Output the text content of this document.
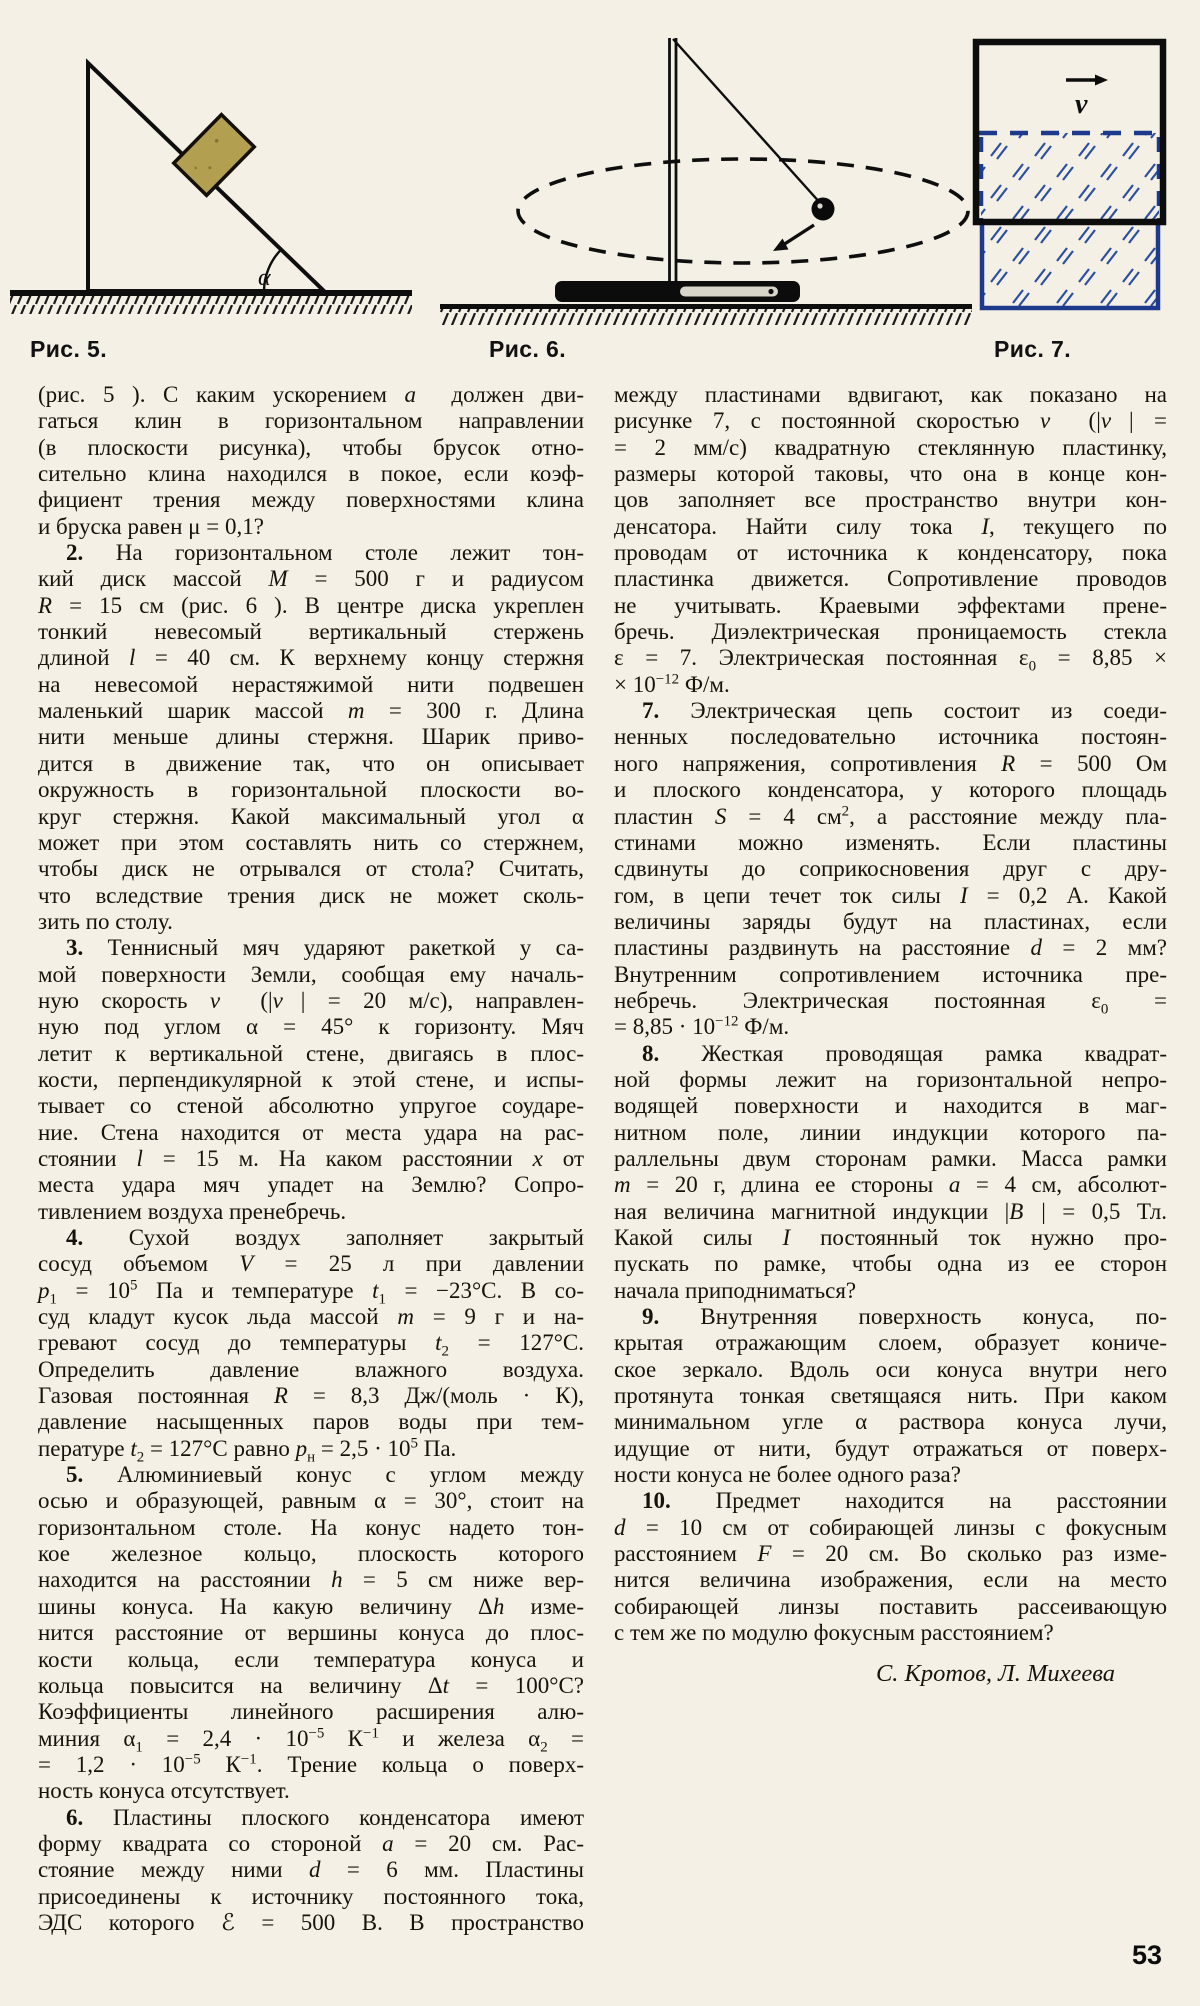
α
v
Рис. 5.	Рис. 6.	Рис. 7.
(рис. 5 ). С каким ускорением a⃗ должен дви-
гаться клин в горизонтальном направлении
(в плоскости рисунка), чтобы брусок отно-
сительно клина находился в покое, если коэф-
фициент трения между поверхностями клина
и бруска равен μ = 0,1?
2. На горизонтальном столе лежит тон-
кий диск массой M = 500 г и радиусом
R = 15 см (рис. 6 ). В центре диска укреплен
тонкий невесомый вертикальный стержень
длиной l = 40 см. К верхнему концу стержня
на невесомой нерастяжимой нити подвешен
маленький шарик массой m = 300 г. Длина
нити меньше длины стержня. Шарик приво-
дится в движение так, что он описывает
окружность в горизонтальной плоскости во-
круг стержня. Какой максимальный угол α
может при этом составлять нить со стержнем,
чтобы диск не отрывался от стола? Считать,
что вследствие трения диск не может сколь-
зить по столу.
3. Теннисный мяч ударяют ракеткой у са-
мой поверхности Земли, сообщая ему началь-
ную скорость v⃗ (|v⃗| = 20 м/с), направлен-
ную под углом α = 45° к горизонту. Мяч
летит к вертикальной стене, двигаясь в плос-
кости, перпендикулярной к этой стене, и испы-
тывает со стеной абсолютно упругое соударе-
ние. Стена находится от места удара на рас-
стоянии l = 15 м. На каком расстоянии x от
места удара мяч упадет на Землю? Сопро-
тивлением воздуха пренебречь.
4. Сухой воздух заполняет закрытый
сосуд объемом V = 25 л при давлении
$p_1 = 10^5$ Па и температуре $t_1 = -23^\circ С$. В со-
суд кладут кусок льда массой m = 9 г и на-
гревают сосуд до температуры $t_2 = 127^\circ С$.
Определить давление влажного воздуха.
Газовая постоянная R = 8,3 Дж/(моль · К),
давление насыщенных паров воды при тем-
пературе $t_2 = 127^\circ С$ равно $p_н = 2,5 \cdot 10^5$ Па.
5. Алюминиевый конус с углом между
осью и образующей, равным α = 30°, стоит на
горизонтальном столе. На конус надето тон-
кое железное кольцо, плоскость которого
находится на расстоянии h = 5 см ниже вер-
шины конуса. На какую величину Δh изме-
нится расстояние от вершины конуса до плос-
кости кольца, если температура конуса и
кольца повысится на величину Δt = 100°С?
Коэффициенты линейного расширения алю-
миния $\alpha_1 = 2,4 \cdot 10^{-5}$ $К^{-1}$ и железа $\alpha_2$ =
= $1,2 \cdot 10^{-5}$ $К^{-1}$. Трение кольца о поверх-
ность конуса отсутствует.
6. Пластины плоского конденсатора имеют
форму квадрата со стороной a = 20 см. Рас-
стояние между ними d = 6 мм. Пластины
присоединены к источнику постоянного тока,
ЭДС которого ℰ = 500 В. В пространство
между пластинами вдвигают, как показано на
рисунке 7, с постоянной скоростью v⃗ (|v⃗| =
= 2 мм/с) квадратную стеклянную пластинку,
размеры которой таковы, что она в конце кон-
цов заполняет все пространство внутри кон-
денсатора. Найти силу тока I, текущего по
проводам от источника к конденсатору, пока
пластинка движется. Сопротивление проводов
не учитывать. Краевыми эффектами прене-
бречь. Диэлектрическая проницаемость стекла
ε = 7. Электрическая постоянная $\varepsilon_0 = 8,85$ ×
× $10^{-12}$ Ф/м.
7. Электрическая цепь состоит из соеди-
ненных последовательно источника постоян-
ного напряжения, сопротивления R = 500 Ом
и плоского конденсатора, у которого площадь
пластин S = 4 $см^2$, а расстояние между пла-
стинами можно изменять. Если пластины
сдвинуты до соприкосновения друг с дру-
гом, в цепи течет ток силы I = 0,2 А. Какой
величины заряды будут на пластинах, если
пластины раздвинуть на расстояние d = 2 мм?
Внутренним сопротивлением источника пре-
небречь. Электрическая постоянная $\varepsilon_0$ =
= $8,85 \cdot 10^{-12}$ Ф/м.
8. Жесткая проводящая рамка квадрат-
ной формы лежит на горизонтальной непро-
водящей поверхности и находится в маг-
нитном поле, линии индукции которого па-
раллельны двум сторонам рамки. Масса рамки
m = 20 г, длина ее стороны a = 4 см, абсолют-
ная величина магнитной индукции |B⃗| = 0,5 Тл.
Какой силы I постоянный ток нужно про-
пускать по рамке, чтобы одна из ее сторон
начала приподниматься?
9. Внутренняя поверхность конуса, по-
крытая отражающим слоем, образует кониче-
ское зеркало. Вдоль оси конуса внутри него
протянута тонкая светящаяся нить. При каком
минимальном угле α раствора конуса лучи,
идущие от нити, будут отражаться от поверх-
ности конуса не более одного раза?
10. Предмет находится на расстоянии
d = 10 см от собирающей линзы с фокусным
расстоянием F = 20 см. Во сколько раз изме-
нится величина изображения, если на место
собирающей линзы поставить рассеивающую
с тем же по модулю фокусным расстоянием?
С. Кротов, Л. Михеева
53
